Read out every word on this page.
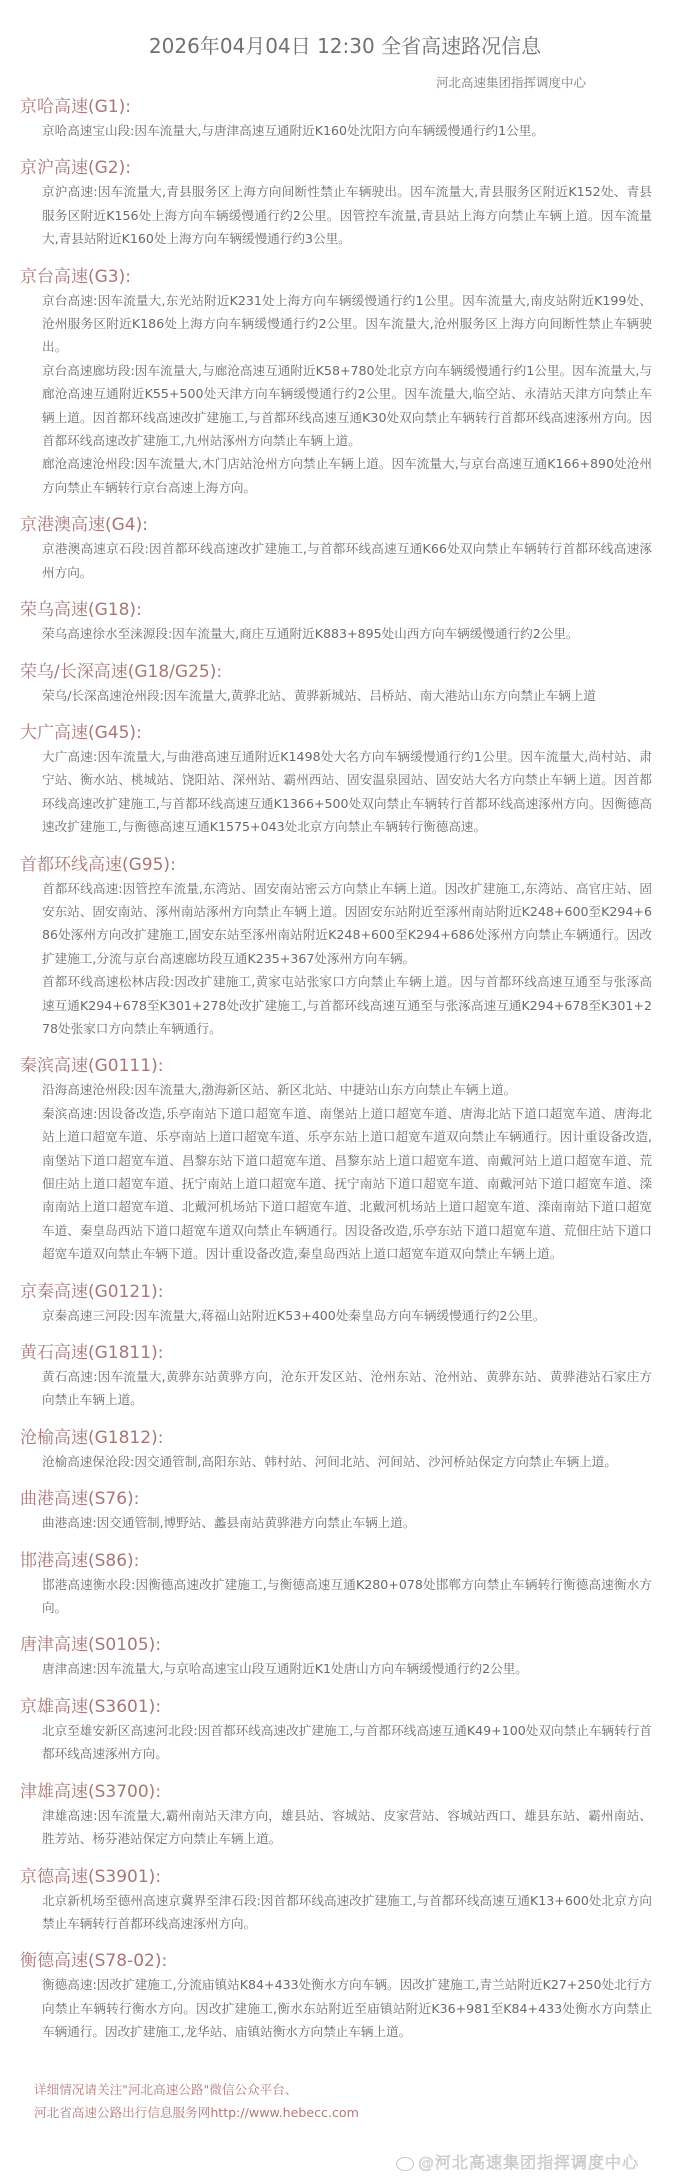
2026年04月04日 12:30 全省高速路况信息
河北高速集团指挥调度中心
京哈高速(G1):
京哈高速宝山段:因车流量大,与唐津高速互通附近K160处沈阳方向车辆缓慢通行约1公里。
京沪高速(G2):
京沪高速:因车流量大,青县服务区上海方向间断性禁止车辆驶出。因车流量大,青县服务区附近K152处、青县服务区附近K156处上海方向车辆缓慢通行约2公里。因管控车流量,青县站上海方向禁止车辆上道。因车流量大,青县站附近K160处上海方向车辆缓慢通行约3公里。
京台高速(G3):
京台高速:因车流量大,东光站附近K231处上海方向车辆缓慢通行约1公里。因车流量大,南皮站附近K199处、沧州服务区附近K186处上海方向车辆缓慢通行约2公里。因车流量大,沧州服务区上海方向间断性禁止车辆驶出。
京台高速廊坊段:因车流量大,与廊沧高速互通附近K58+780处北京方向车辆缓慢通行约1公里。因车流量大,与廊沧高速互通附近K55+500处天津方向车辆缓慢通行约2公里。因车流量大,临空站、永清站天津方向禁止车辆上道。因首都环线高速改扩建施工,与首都环线高速互通K30处双向禁止车辆转行首都环线高速涿州方向。因首都环线高速改扩建施工,九州站涿州方向禁止车辆上道。
廊沧高速沧州段:因车流量大,木门店站沧州方向禁止车辆上道。因车流量大,与京台高速互通K166+890处沧州方向禁止车辆转行京台高速上海方向。
京港澳高速(G4):
京港澳高速京石段:因首都环线高速改扩建施工,与首都环线高速互通K66处双向禁止车辆转行首都环线高速涿州方向。
荣乌高速(G18):
荣乌高速徐水至涞源段:因车流量大,商庄互通附近K883+895处山西方向车辆缓慢通行约2公里。
荣乌/长深高速(G18/G25):
荣乌/长深高速沧州段:因车流量大,黄骅北站、黄骅新城站、吕桥站、南大港站山东方向禁止车辆上道
大广高速(G45):
大广高速:因车流量大,与曲港高速互通附近K1498处大名方向车辆缓慢通行约1公里。因车流量大,尚村站、肃宁站、衡水站、桃城站、饶阳站、深州站、霸州西站、固安温泉园站、固安站大名方向禁止车辆上道。因首都环线高速改扩建施工,与首都环线高速互通K1366+500处双向禁止车辆转行首都环线高速涿州方向。因衡德高速改扩建施工,与衡德高速互通K1575+043处北京方向禁止车辆转行衡德高速。
首都环线高速(G95):
首都环线高速:因管控车流量,东湾站、固安南站密云方向禁止车辆上道。因改扩建施工,东湾站、高官庄站、固安东站、固安南站、涿州南站涿州方向禁止车辆上道。因固安东站附近至涿州南站附近K248+600至K294+686处涿州方向改扩建施工,固安东站至涿州南站附近K248+600至K294+686处涿州方向禁止车辆通行。因改扩建施工,分流与京台高速廊坊段互通K235+367处涿州方向车辆。
首都环线高速松林店段:因改扩建施工,黄家屯站张家口方向禁止车辆上道。因与首都环线高速互通至与张涿高速互通K294+678至K301+278处改扩建施工,与首都环线高速互通至与张涿高速互通K294+678至K301+278处张家口方向禁止车辆通行。
秦滨高速(G0111):
沿海高速沧州段:因车流量大,渤海新区站、新区北站、中捷站山东方向禁止车辆上道。
秦滨高速:因设备改造,乐亭南站下道口超宽车道、南堡站上道口超宽车道、唐海北站下道口超宽车道、唐海北站上道口超宽车道、乐亭南站上道口超宽车道、乐亭东站上道口超宽车道双向禁止车辆通行。因计重设备改造,南堡站下道口超宽车道、昌黎东站下道口超宽车道、昌黎东站上道口超宽车道、南戴河站上道口超宽车道、荒佃庄站上道口超宽车道、抚宁南站上道口超宽车道、抚宁南站下道口超宽车道、南戴河站下道口超宽车道、滦南南站上道口超宽车道、北戴河机场站下道口超宽车道、北戴河机场站上道口超宽车道、滦南南站下道口超宽车道、秦皇岛西站下道口超宽车道双向禁止车辆通行。因设备改造,乐亭东站下道口超宽车道、荒佃庄站下道口超宽车道双向禁止车辆下道。因计重设备改造,秦皇岛西站上道口超宽车道双向禁止车辆上道。
京秦高速(G0121):
京秦高速三河段:因车流量大,蒋福山站附近K53+400处秦皇岛方向车辆缓慢通行约2公里。
黄石高速(G1811):
黄石高速:因车流量大,黄骅东站黄骅方向，沧东开发区站、沧州东站、沧州站、黄骅东站、黄骅港站石家庄方向禁止车辆上道。
沧榆高速(G1812):
沧榆高速保沧段:因交通管制,高阳东站、韩村站、河间北站、河间站、沙河桥站保定方向禁止车辆上道。
曲港高速(S76):
曲港高速:因交通管制,博野站、蠡县南站黄骅港方向禁止车辆上道。
邯港高速(S86):
邯港高速衡水段:因衡德高速改扩建施工,与衡德高速互通K280+078处邯郸方向禁止车辆转行衡德高速衡水方向。
唐津高速(S0105):
唐津高速:因车流量大,与京哈高速宝山段互通附近K1处唐山方向车辆缓慢通行约2公里。
京雄高速(S3601):
北京至雄安新区高速河北段:因首都环线高速改扩建施工,与首都环线高速互通K49+100处双向禁止车辆转行首都环线高速涿州方向。
津雄高速(S3700):
津雄高速:因车流量大,霸州南站天津方向，雄县站、容城站、皮家营站、容城站西口、雄县东站、霸州南站、胜芳站、杨芬港站保定方向禁止车辆上道。
京德高速(S3901):
北京新机场至德州高速京冀界至津石段:因首都环线高速改扩建施工,与首都环线高速互通K13+600处北京方向禁止车辆转行首都环线高速涿州方向。
衡德高速(S78-02):
衡德高速:因改扩建施工,分流庙镇站K84+433处衡水方向车辆。因改扩建施工,青兰站附近K27+250处北行方向禁止车辆转行衡水方向。因改扩建施工,衡水东站附近至庙镇站附近K36+981至K84+433处衡水方向禁止车辆通行。因改扩建施工,龙华站、庙镇站衡水方向禁止车辆上道。
详细情况请关注"河北高速公路"微信公众平台、
河北省高速公路出行信息服务网http://www.hebecc.com
@河北高速集团指挥调度中心
